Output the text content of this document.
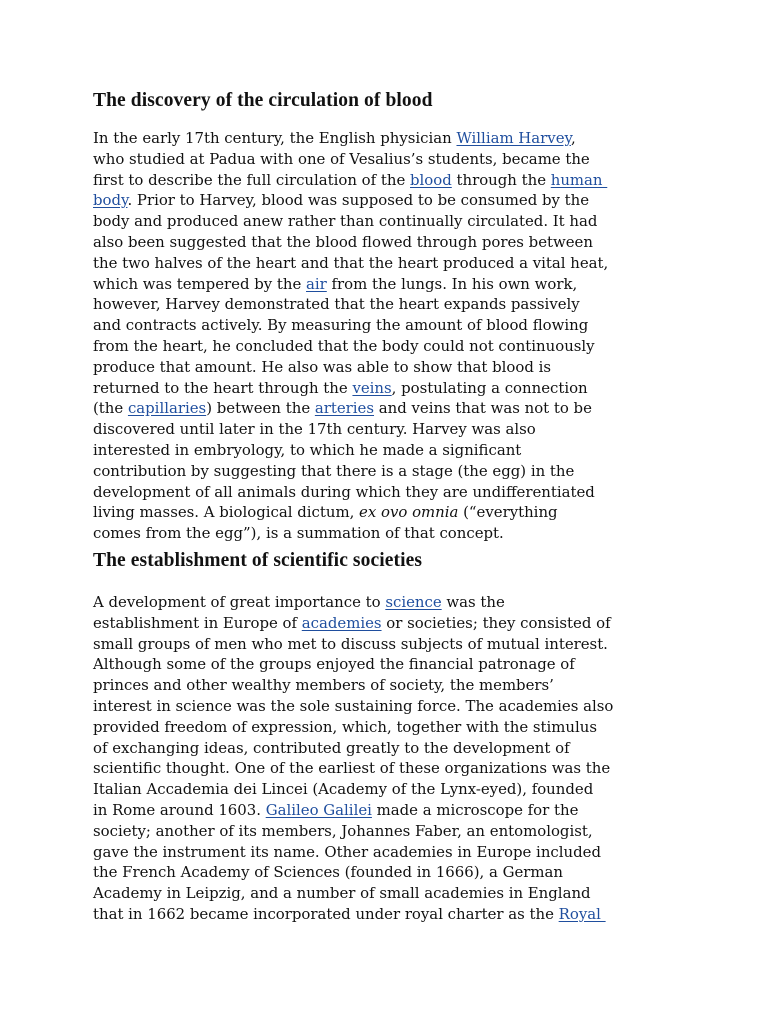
The discovery of the circulation of blood
In the early 17th century, the English physician William Harvey,
who studied at Padua with one of Vesalius’s students, became the
first to describe the full circulation of the blood through the human
body. Prior to Harvey, blood was supposed to be consumed by the
body and produced anew rather than continually circulated. It had
also been suggested that the blood flowed through pores between
the two halves of the heart and that the heart produced a vital heat,
which was tempered by the air from the lungs. In his own work,
however, Harvey demonstrated that the heart expands passively
and contracts actively. By measuring the amount of blood flowing
from the heart, he concluded that the body could not continuously
produce that amount. He also was able to show that blood is
returned to the heart through the veins, postulating a connection
(the capillaries) between the arteries and veins that was not to be
discovered until later in the 17th century. Harvey was also
interested in embryology, to which he made a significant
contribution by suggesting that there is a stage (the egg) in the
development of all animals during which they are undifferentiated
living masses. A biological dictum, ex ovo omnia (“everything
comes from the egg”), is a summation of that concept.
The establishment of scientific societies
A development of great importance to science was the
establishment in Europe of academies or societies; they consisted of
small groups of men who met to discuss subjects of mutual interest.
Although some of the groups enjoyed the financial patronage of
princes and other wealthy members of society, the members’
interest in science was the sole sustaining force. The academies also
provided freedom of expression, which, together with the stimulus
of exchanging ideas, contributed greatly to the development of
scientific thought. One of the earliest of these organizations was the
Italian Accademia dei Lincei (Academy of the Lynx-eyed), founded
in Rome around 1603. Galileo Galilei made a microscope for the
society; another of its members, Johannes Faber, an entomologist,
gave the instrument its name. Other academies in Europe included
the French Academy of Sciences (founded in 1666), a German
Academy in Leipzig, and a number of small academies in England
that in 1662 became incorporated under royal charter as the Royal
